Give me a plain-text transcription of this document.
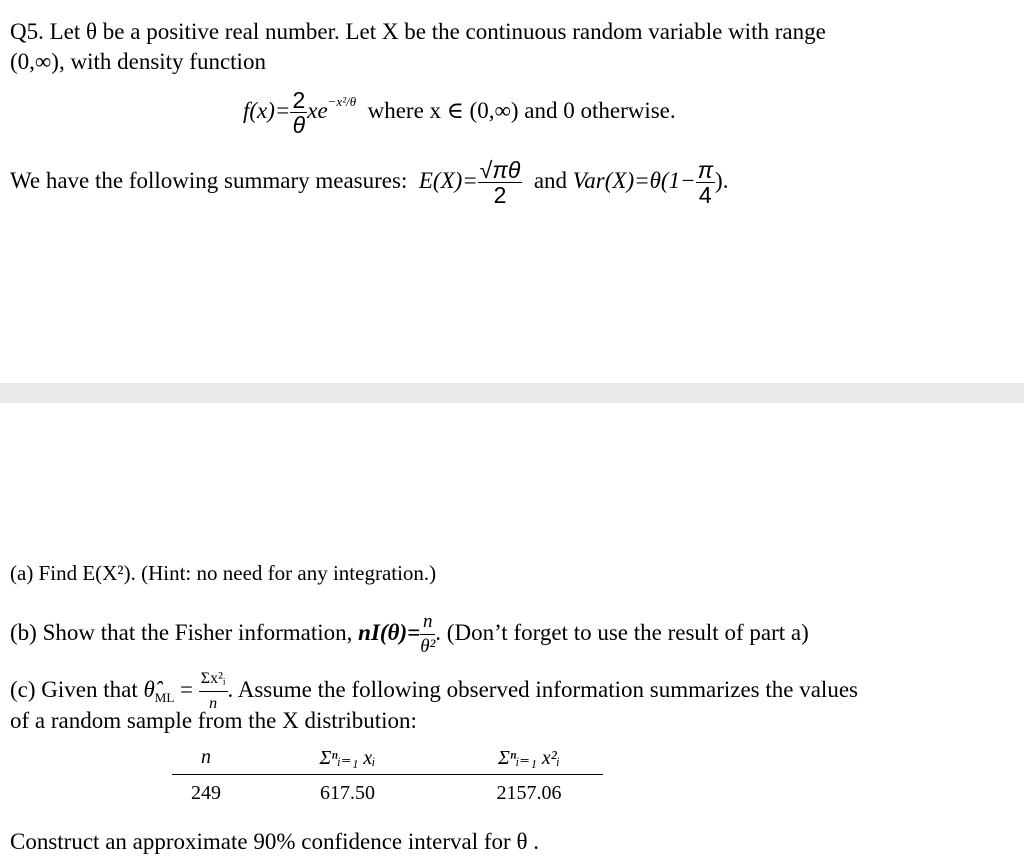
Q5. Let θ be a positive real number. Let X be the continuous random variable with range
(0,∞), with density function
$f(x)= \frac{2}{\theta} xe^{-x^2/\theta}$ where x ∈ (0,∞) and 0 otherwise.
We have the following summary measures: $E(X)= \frac{√\pi\theta}{2}$ and $Var(X)=\theta(1- \frac{\pi}{4}$ ).
(a) Find E(X²). (Hint: no need for any integration.)
(b) Show that the Fisher information, $nI(\theta)= \frac{n}{\text{θ²}}$ . (Don’t forget to use the result of part a)
(c) Given that $\thetâ_{ML} = \frac{\text{Σx²ᵢ}}{n}$ . Assume the following observed information summarizes the values
of a random sample from the X distribution:
n	Σⁿᵢ₌₁ xᵢ	Σⁿᵢ₌₁ x²ᵢ
249	617.50	2157.06
Construct an approximate 90% confidence interval for θ .
